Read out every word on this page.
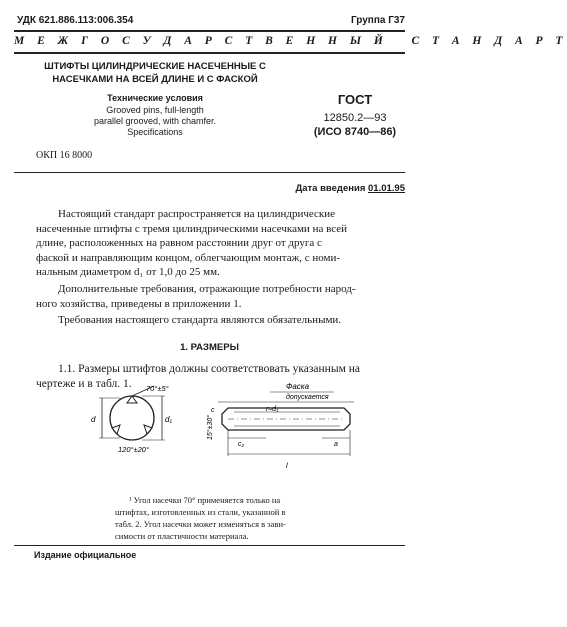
УДК 621.886.113:006.354	Группа Г37
М Е Ж Г О С У Д А Р С Т В Е Н Н Ы Й   С Т А Н Д А Р Т
ШТИФТЫ ЦИЛИНДРИЧЕСКИЕ НАСЕЧЕННЫЕ С
НАСЕЧКАМИ НА ВСЕЙ ДЛИНЕ И С ФАСКОЙ
Технические условия
Grooved pins, full-length
parallel grooved, with chamfer.
Specifications
ГОСТ
12850.2—93
(ИСО 8740—86)
ОКП 16 8000
Дата введения 01.01.95
Настоящий стандарт распространяется на цилиндрические
насеченные штифты с тремя цилиндрическими насечками на всей
длине, расположенных на равном расстоянии друг от друга с
фаской и направляющим концом, облегчающим монтаж, с номи-
нальным диаметром d₁ от 1,0 до 25 мм.
Дополнительные требования, отражающие потребности народ-
ного хозяйства, приведены в приложении 1.
Требования настоящего стандарта являются обязательными.
1. РАЗМЕРЫ
1.1. Размеры штифтов должны соответствовать указанным на
чертеже и в табл. 1.	70°±5°
d	d₁
120°±20°
Фаска
допускается
r≈d₁
c
15°±30°
c₂	a
l
¹ Угол насечки 70° применяется только на
штифтах, изготовленных из стали, указанной в
табл. 2. Угол насечки может изменяться в зави-
симости от пластичности материала.
Издание официальное
